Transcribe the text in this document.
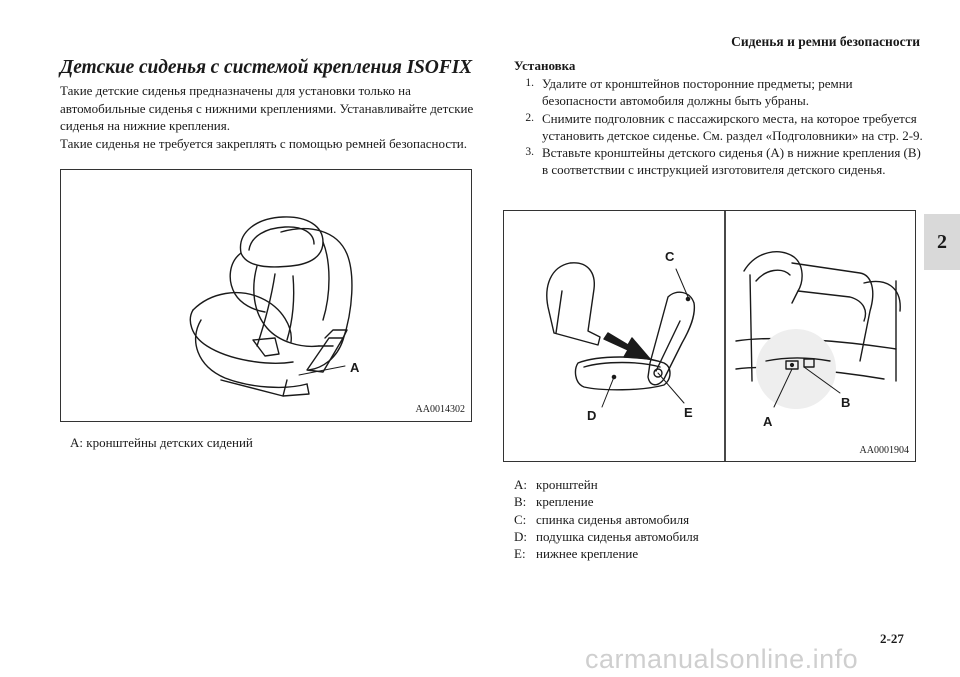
Сиденья и ремни безопасности
2
Детские сиденья с системой крепления ISOFIX

Такие детские сиденья предназначены для установки только на автомобильные сиденья с нижними креплениями. Устанавливайте детские сиденья на нижние крепления.

Такие сиденья не требуется закреплять с помощью ремней безопасности.

A
AA0014302
A: кронштейны детских сидений
Установка
1. Удалите от кронштейнов посторонние предметы; ремни безопасности автомобиля должны быть убраны.
2. Снимите подголовник с пассажирского места, на которое требуется установить детское сиденье. См. раздел «Подголовники» на стр. 2-9.
3. Вставьте кронштейны детского сиденья (A) в нижние крепления (B) в соответствии с инструкцией изготовителя детского сиденья.
C
D	E
B
A
AA0001904
A: кронштейн
B: крепление
C: спинка сиденья автомобиля
D: подушка сиденья автомобиля
E: нижнее крепление
2-27
carmanualsonline.info
